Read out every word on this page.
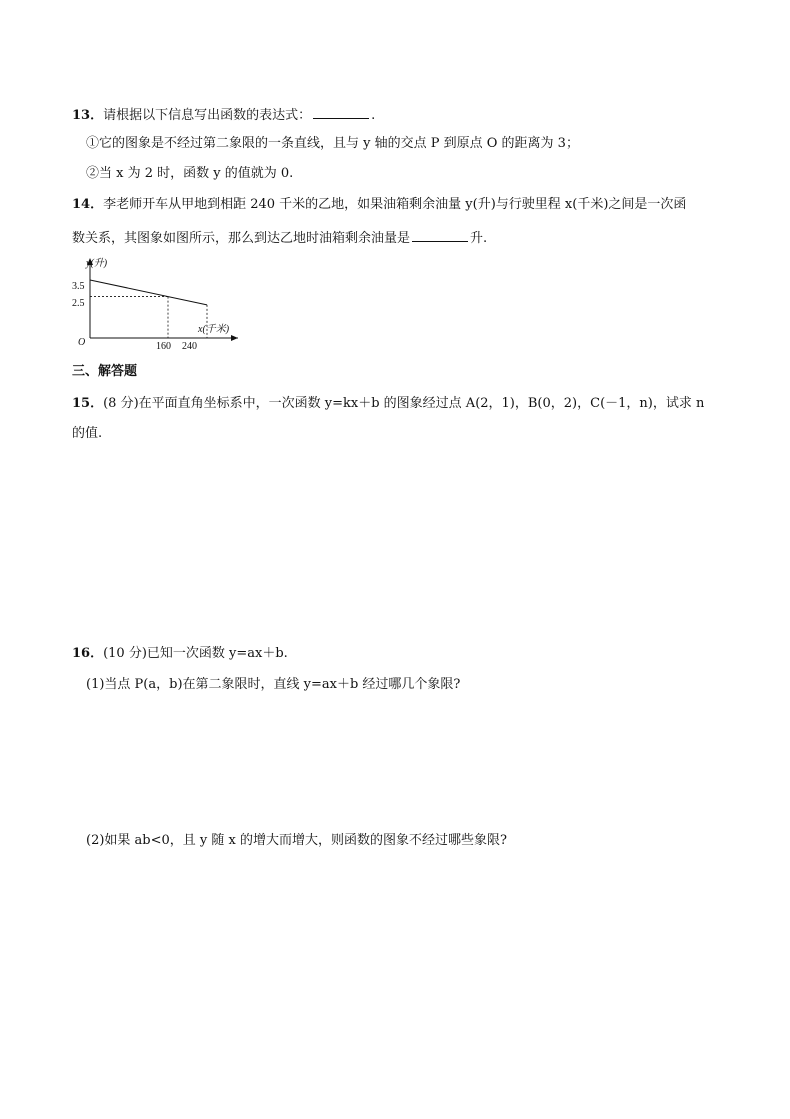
13．请根据以下信息写出函数的表达式：	.
①它的图象是不经过第二象限的一条直线，且与 y 轴的交点 P 到原点 O 的距离为 3；
②当 x 为 2 时，函数 y 的值就为 0.
14．李老师开车从甲地到相距 240 千米的乙地，如果油箱剩余油量 y(升)与行驶里程 x(千米)之间是一次函
数关系，其图象如图所示，那么到达乙地时油箱剩余油量是	升.
y(升)
x(千米)
O
3.5
2.5
160 240
三、解答题
15．(8 分)在平面直角坐标系中，一次函数 y=kx＋b 的图象经过点 A(2，1)，B(0，2)，C(－1，n)，试求 n
的值.
16．(10 分)已知一次函数 y=ax＋b.
(1)当点 P(a，b)在第二象限时，直线 y=ax＋b 经过哪几个象限?
(2)如果 ab<0，且 y 随 x 的增大而增大，则函数的图象不经过哪些象限?
